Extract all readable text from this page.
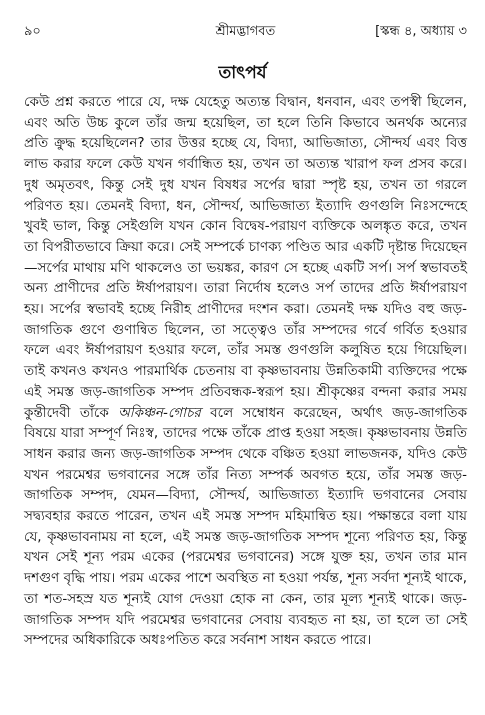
৯০	শ্রীমদ্ভাগবত	[স্কন্ধ ৪, অধ্যায় ৩
তাৎপর্য

কেউ প্রশ্ন করতে পারে যে, দক্ষ যেহেতু অত্যন্ত বিদ্বান, ধনবান, এবং তপস্বী ছিলেন, এবং অতি উচ্চ কুলে তাঁর জন্ম হয়েছিল, তা হলে তিনি কিভাবে অনর্থক অন্যের প্রতি ক্রুদ্ধ হয়েছিলেন? তার উত্তর হচ্ছে যে, বিদ্যা, আভিজাত্য, সৌন্দর্য এবং বিত্ত লাভ করার ফলে কেউ যখন গর্বান্ধিত হয়, তখন তা অত্যন্ত খারাপ ফল প্রসব করে। দুধ অমৃতবৎ, কিন্তু সেই দুধ যখন বিষধর সর্পের দ্বারা স্পৃষ্ট হয়, তখন তা গরলে পরিণত হয়। তেমনই বিদ্যা, ধন, সৌন্দর্য, আভিজাত্য ইত্যাদি গুণগুলি নিঃসন্দেহে খুবই ভাল, কিন্তু সেইগুলি যখন কোন বিদ্বেষ-পরায়ণ ব্যক্তিকে অলঙ্কৃত করে, তখন তা বিপরীতভাবে ক্রিয়া করে। সেই সম্পর্কে চাণক্য পণ্ডিত আর একটি দৃষ্টান্ত দিয়েছেন—সর্পের মাথায় মণি থাকলেও তা ভয়ঙ্কর, কারণ সে হচ্ছে একটি সর্প। সর্প স্বভাবতই অন্য প্রাণীদের প্রতি ঈর্ষাপরায়ণ। তারা নির্দোষ হলেও সর্প তাদের প্রতি ঈর্ষাপরায়ণ হয়। সর্পের স্বভাবই হচ্ছে নিরীহ প্রাণীদের দংশন করা। তেমনই দক্ষ যদিও বহু জড়-জাগতিক গুণে গুণান্বিত ছিলেন, তা সত্ত্বেও তাঁর সম্পদের গর্বে গর্বিত হওয়ার ফলে এবং ঈর্ষাপরায়ণ হওয়ার ফলে, তাঁর সমস্ত গুণগুলি কলুষিত হয়ে গিয়েছিল। তাই কখনও কখনও পারমার্থিক চেতনায় বা কৃষ্ণভাবনায় উন্নতিকামী ব্যক্তিদের পক্ষে এই সমস্ত জড়-জাগতিক সম্পদ প্রতিবন্ধক-স্বরূপ হয়। শ্রীকৃষ্ণের বন্দনা করার সময় কুন্তীদেবী তাঁকে অকিঞ্চন-গোচর বলে সম্বোধন করেছেন, অর্থাৎ জড়-জাগতিক বিষয়ে যারা সম্পূর্ণ নিঃস্ব, তাদের পক্ষে তাঁকে প্রাপ্ত হওয়া সহজ। কৃষ্ণভাবনায় উন্নতি সাধন করার জন্য জড়-জাগতিক সম্পদ থেকে বঞ্চিত হওয়া লাভজনক, যদিও কেউ যখন পরমেশ্বর ভগবানের সঙ্গে তাঁর নিত্য সম্পর্ক অবগত হয়ে, তাঁর সমস্ত জড়-জাগতিক সম্পদ, যেমন—বিদ্যা, সৌন্দর্য, আভিজাত্য ইত্যাদি ভগবানের সেবায় সদ্ব্যবহার করতে পারেন, তখন এই সমস্ত সম্পদ মহিমান্বিত হয়। পক্ষান্তরে বলা যায় যে, কৃষ্ণভাবনাময় না হলে, এই সমস্ত জড়-জাগতিক সম্পদ শূন্যে পরিণত হয়, কিন্তু যখন সেই শূন্য পরম একের (পরমেশ্বর ভগবানের) সঙ্গে যুক্ত হয়, তখন তার মান দশগুণ বৃদ্ধি পায়। পরম একের পাশে অবস্থিত না হওয়া পর্যন্ত, শূন্য সর্বদা শূন্যই থাকে, তা শত-সহস্র যত শূন্যই যোগ দেওয়া হোক না কেন, তার মূল্য শূন্যই থাকে। জড়-জাগতিক সম্পদ যদি পরমেশ্বর ভগবানের সেবায় ব্যবহৃত না হয়, তা হলে তা সেই সম্পদের অধিকারিকে অধঃপতিত করে সর্বনাশ সাধন করতে পারে।
